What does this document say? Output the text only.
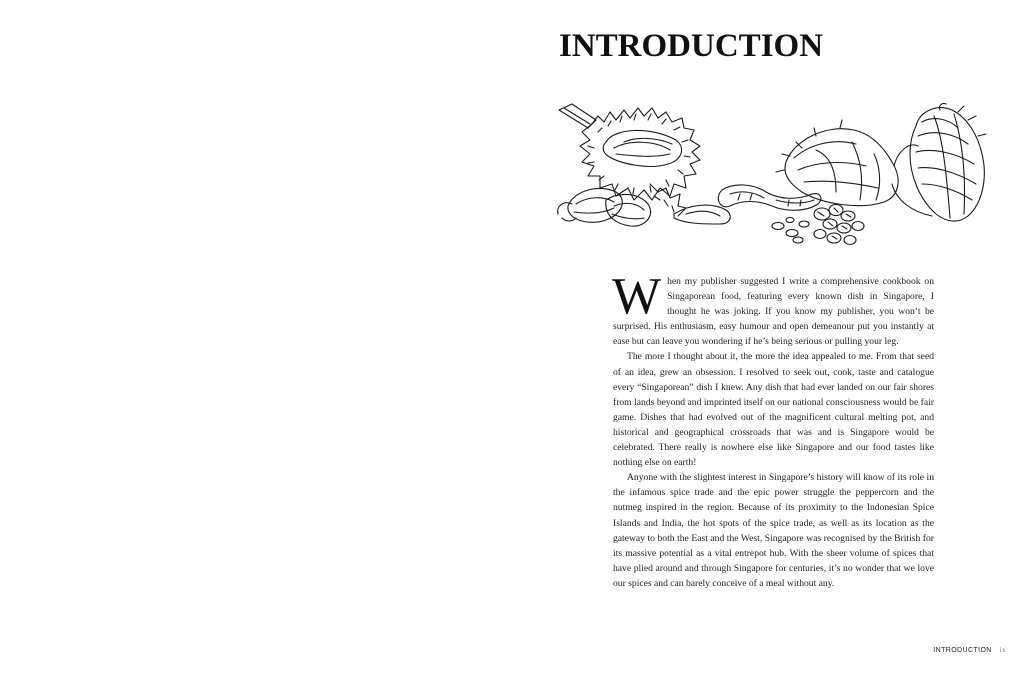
INTRODUCTION

When my publisher suggested I write a comprehensive cookbook on Singaporean food, featuring every known dish in Singapore, I thought he was joking. If you know my publisher, you won’t be surprised. His enthusiasm, easy humour and open demeanour put you instantly at ease but can leave you wondering if he’s being serious or pulling your leg.

The more I thought about it, the more the idea appealed to me. From that seed of an idea, grew an obsession. I resolved to seek out, cook, taste and catalogue every “Singaporean” dish I knew. Any dish that had ever landed on our fair shores from lands beyond and imprinted itself on our national consciousness would be fair game. Dishes that had evolved out of the magnificent cultural melting pot, and historical and geographical crossroads that was and is Singapore would be celebrated. There really is nowhere else like Singapore and our food tastes like nothing else on earth!

Anyone with the slightest interest in Singapore’s history will know of its role in the infamous spice trade and the epic power struggle the peppercorn and the nutmeg inspired in the region. Because of its proximity to the Indonesian Spice Islands and India, the hot spots of the spice trade, as well as its location as the gateway to both the East and the West, Singapore was recognised by the British for its massive potential as a vital entrepot hub. With the sheer volume of spices that have plied around and through Singapore for centuries, it’s no wonder that we love our spices and can barely conceive of a meal without any.

INTRODUCTION ix
